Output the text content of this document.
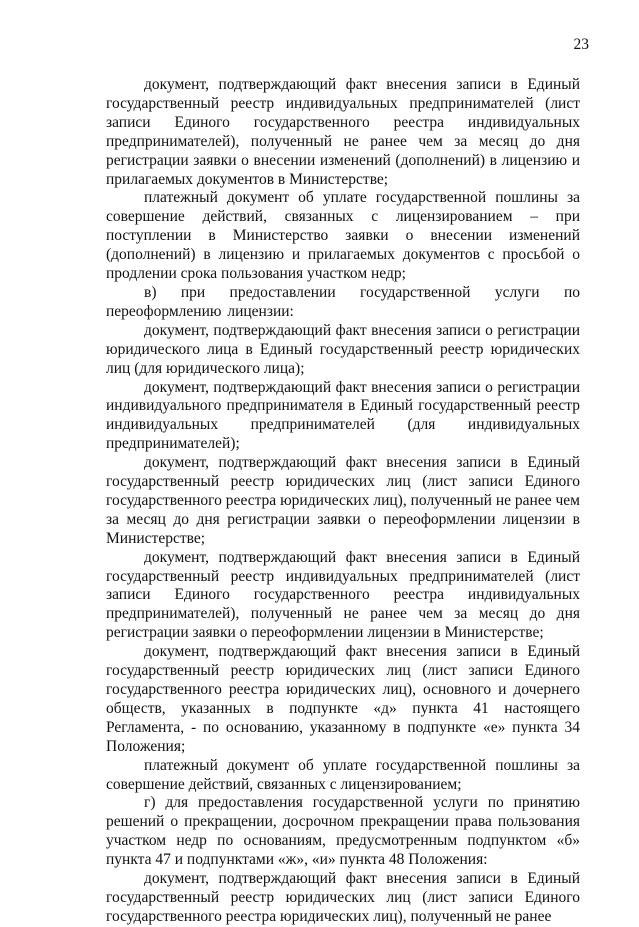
23

документ, подтверждающий факт внесения записи в Единый государственный реестр индивидуальных предпринимателей (лист записи Единого государственного реестра индивидуальных предпринимателей), полученный не ранее чем за месяц до дня регистрации заявки о внесении изменений (дополнений) в лицензию и прилагаемых документов в Министерстве;

платежный документ об уплате государственной пошлины за совершение действий, связанных с лицензированием – при поступлении в Министерство заявки о внесении изменений (дополнений) в лицензию и прилагаемых документов с просьбой о продлении срока пользования участком недр;

в) при предоставлении государственной услуги по переоформлению лицензии:

документ, подтверждающий факт внесения записи о регистрации юридического лица в Единый государственный реестр юридических лиц (для юридического лица);

документ, подтверждающий факт внесения записи о регистрации индивидуального предпринимателя в Единый государственный реестр индивидуальных предпринимателей (для индивидуальных предпринимателей);

документ, подтверждающий факт внесения записи в Единый государственный реестр юридических лиц (лист записи Единого государственного реестра юридических лиц), полученный не ранее чем за месяц до дня регистрации заявки о переоформлении лицензии в Министерстве;

документ, подтверждающий факт внесения записи в Единый государственный реестр индивидуальных предпринимателей (лист записи Единого государственного реестра индивидуальных предпринимателей), полученный не ранее чем за месяц до дня регистрации заявки о переоформлении лицензии в Министерстве;

документ, подтверждающий факт внесения записи в Единый государственный реестр юридических лиц (лист записи Единого государственного реестра юридических лиц), основного и дочернего обществ, указанных в подпункте «д» пункта 41 настоящего Регламента, - по основанию, указанному в подпункте «е» пункта 34 Положения;

платежный документ об уплате государственной пошлины за совершение действий, связанных с лицензированием;

г) для предоставления государственной услуги по принятию решений о прекращении, досрочном прекращении права пользования участком недр по основаниям, предусмотренным подпунктом «б» пункта 47 и подпунктами «ж», «и» пункта 48 Положения:

документ, подтверждающий факт внесения записи в Единый государственный реестр юридических лиц (лист записи Единого государственного реестра юридических лиц), полученный не ранее
